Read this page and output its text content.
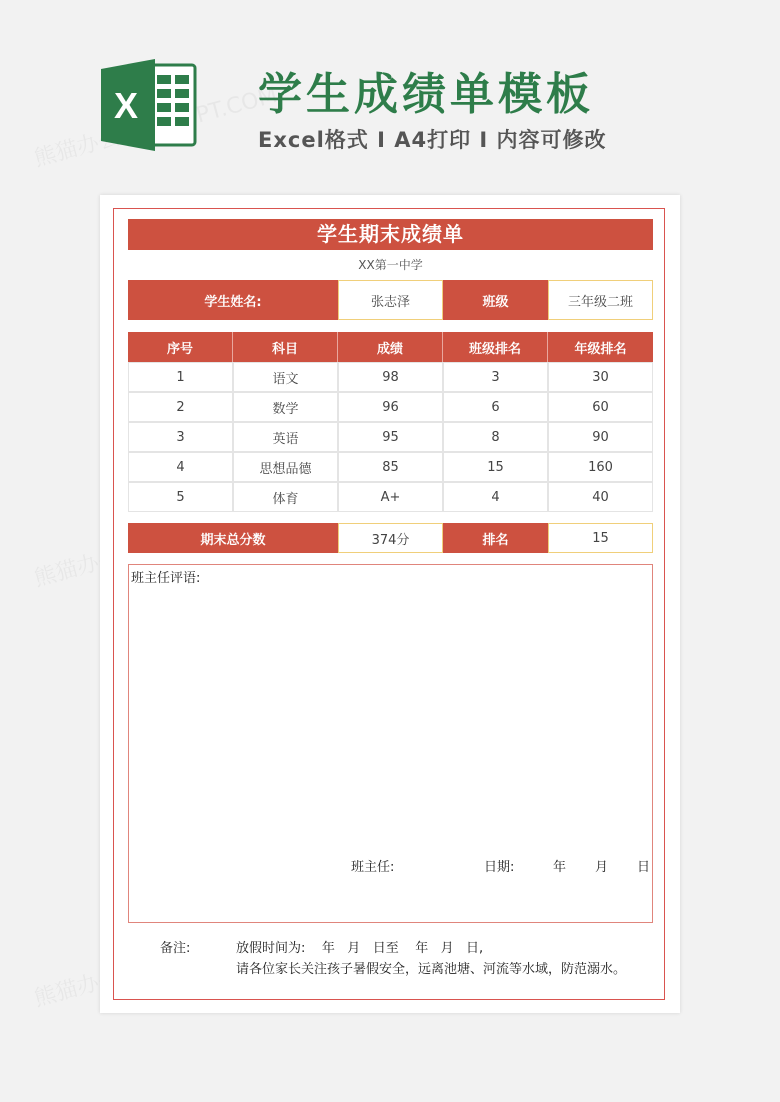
X	学生成绩单模板
Excel格式 I A4打印 I 内容可修改
学生期末成绩单
XX第一中学
学生姓名:	张志泽	班级	三年级二班
序号	科目	成绩	班级排名	年级排名
1	语文	98	3	30
2	数学	96	6	60
3	英语	95	8	90
4	思想品德	85	15	160
5	体育	A+	4	40
期末总分数	374分	排名	15
班主任评语:
班主任:	日期:	年 月 日
备注:	放假时间为:    年   月   日至    年   月   日,
请各位家长关注孩子暑假安全，远离池塘、河流等水域，防范溺水。
